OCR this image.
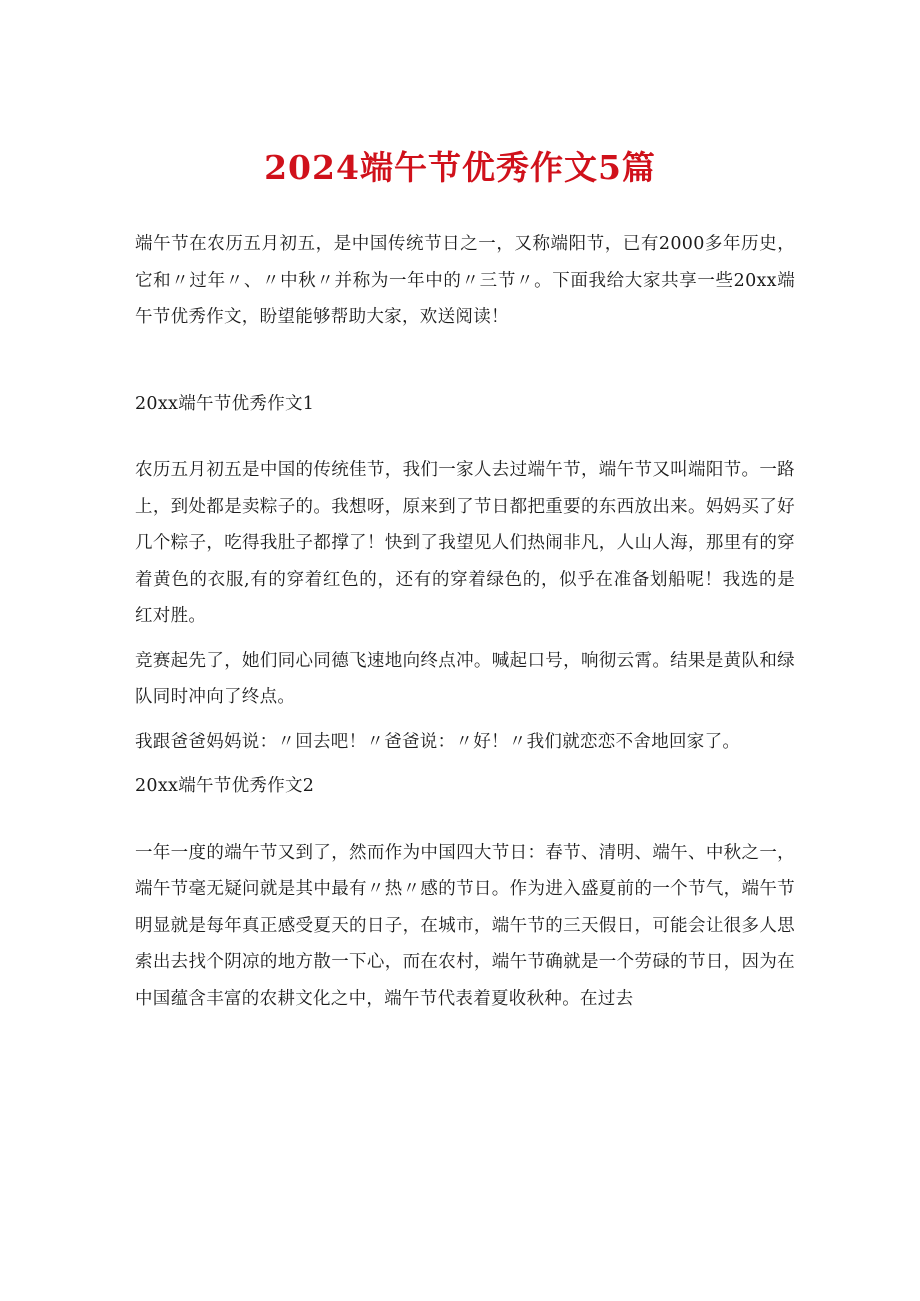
2024端午节优秀作文5篇

端午节在农历五月初五，是中国传统节日之一，又称端阳节，已有2000多年历史，它和〃过年〃、〃中秋〃并称为一年中的〃三节〃。下面我给大家共享一些20xx端午节优秀作文，盼望能够帮助大家，欢送阅读！

20xx端午节优秀作文1

农历五月初五是中国的传统佳节，我们一家人去过端午节，端午节又叫端阳节。一路上，到处都是卖粽子的。我想呀，原来到了节日都把重要的东西放出来。妈妈买了好几个粽子，吃得我肚子都撑了！快到了我望见人们热闹非凡，人山人海，那里有的穿着黄色的衣服,有的穿着红色的，还有的穿着绿色的，似乎在准备划船呢！我选的是红对胜。

竞赛起先了，她们同心同德飞速地向终点冲。喊起口号，响彻云霄。结果是黄队和绿队同时冲向了终点。

我跟爸爸妈妈说：〃回去吧！〃爸爸说：〃好！〃我们就恋恋不舍地回家了。

20xx端午节优秀作文2

一年一度的端午节又到了，然而作为中国四大节日：春节、清明、端午、中秋之一，端午节毫无疑问就是其中最有〃热〃感的节日。作为进入盛夏前的一个节气，端午节明显就是每年真正感受夏天的日子，在城市，端午节的三天假日，可能会让很多人思索出去找个阴凉的地方散一下心，而在农村，端午节确就是一个劳碌的节日，因为在中国蕴含丰富的农耕文化之中，端午节代表着夏收秋种。在过去
